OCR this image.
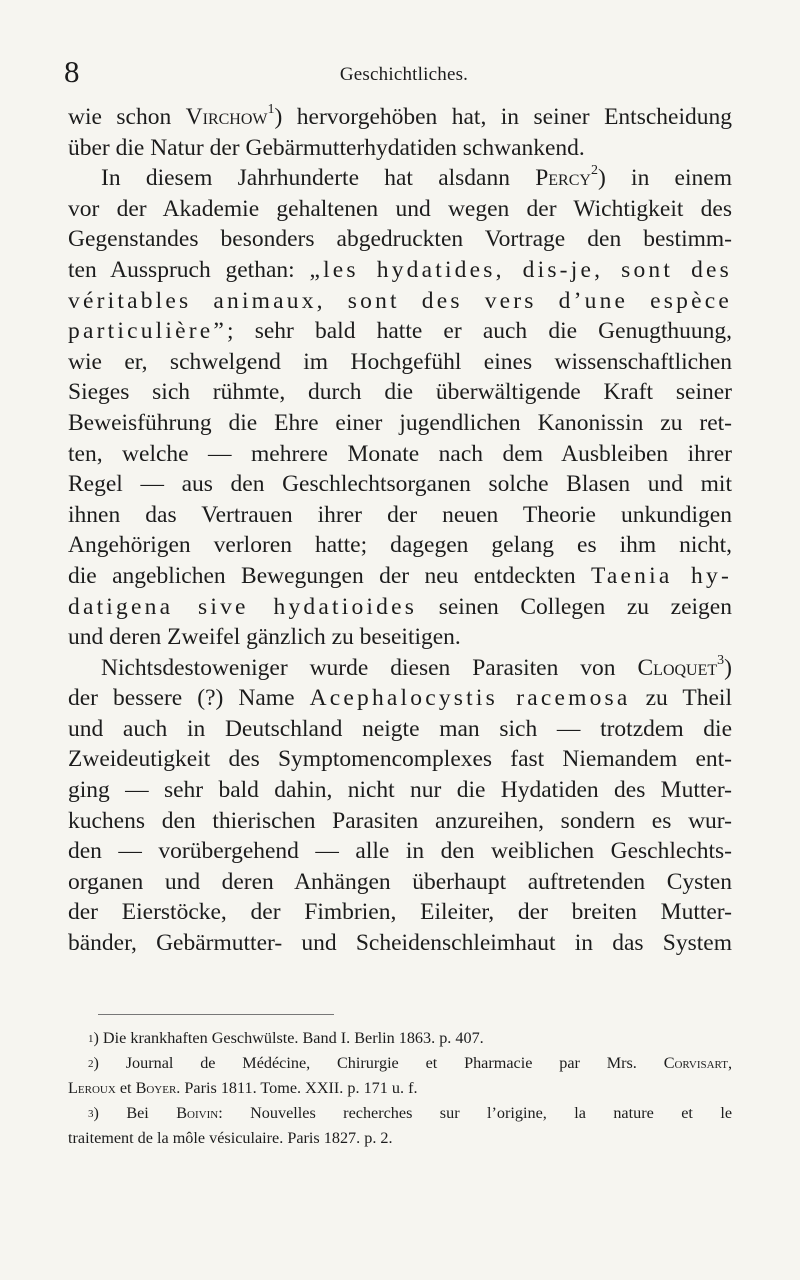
8	Geschichtliches.
wie schon Virchow$^1$) hervorgehöben hat, in seiner Entscheidung
über die Natur der Gebärmutterhydatiden schwankend.
In diesem Jahrhunderte hat alsdann Percy$^2$) in einem
vor der Akademie gehaltenen und wegen der Wichtigkeit des
Gegenstandes besonders abgedruckten Vortrage den bestimm-
ten Ausspruch gethan: „les hydatides, dis-je, sont des
véritables animaux, sont des vers d’une espèce
particulière”; sehr bald hatte er auch die Genugthuung,
wie er, schwelgend im Hochgefühl eines wissenschaftlichen
Sieges sich rühmte, durch die überwältigende Kraft seiner
Beweisführung die Ehre einer jugendlichen Kanonissin zu ret-
ten, welche — mehrere Monate nach dem Ausbleiben ihrer
Regel — aus den Geschlechtsorganen solche Blasen und mit
ihnen das Vertrauen ihrer der neuen Theorie unkundigen
Angehörigen verloren hatte; dagegen gelang es ihm nicht,
die angeblichen Bewegungen der neu entdeckten Taenia hy-
datigena sive hydatioides seinen Collegen zu zeigen
und deren Zweifel gänzlich zu beseitigen.
Nichtsdestoweniger wurde diesen Parasiten von Cloquet$^3$)
der bessere (?) Name Acephalocystis racemosa zu Theil
und auch in Deutschland neigte man sich — trotzdem die
Zweideutigkeit des Symptomencomplexes fast Niemandem ent-
ging — sehr bald dahin, nicht nur die Hydatiden des Mutter-
kuchens den thierischen Parasiten anzureihen, sondern es wur-
den — vorübergehend — alle in den weiblichen Geschlechts-
organen und deren Anhängen überhaupt auftretenden Cysten
der Eierstöcke, der Fimbrien, Eileiter, der breiten Mutter-
bänder, Gebärmutter- und Scheidenschleimhaut in das System
$^1$) Die krankhaften Geschwülste. Band I. Berlin 1863. p. 407.
$^2$) Journal de Médécine, Chirurgie et Pharmacie par Mrs. Corvisart,
Leroux et Boyer. Paris 1811. Tome. XXII. p. 171 u. f.
$^3$) Bei Boivin: Nouvelles recherches sur l’origine, la nature et le
traitement de la môle vésiculaire. Paris 1827. p. 2.
